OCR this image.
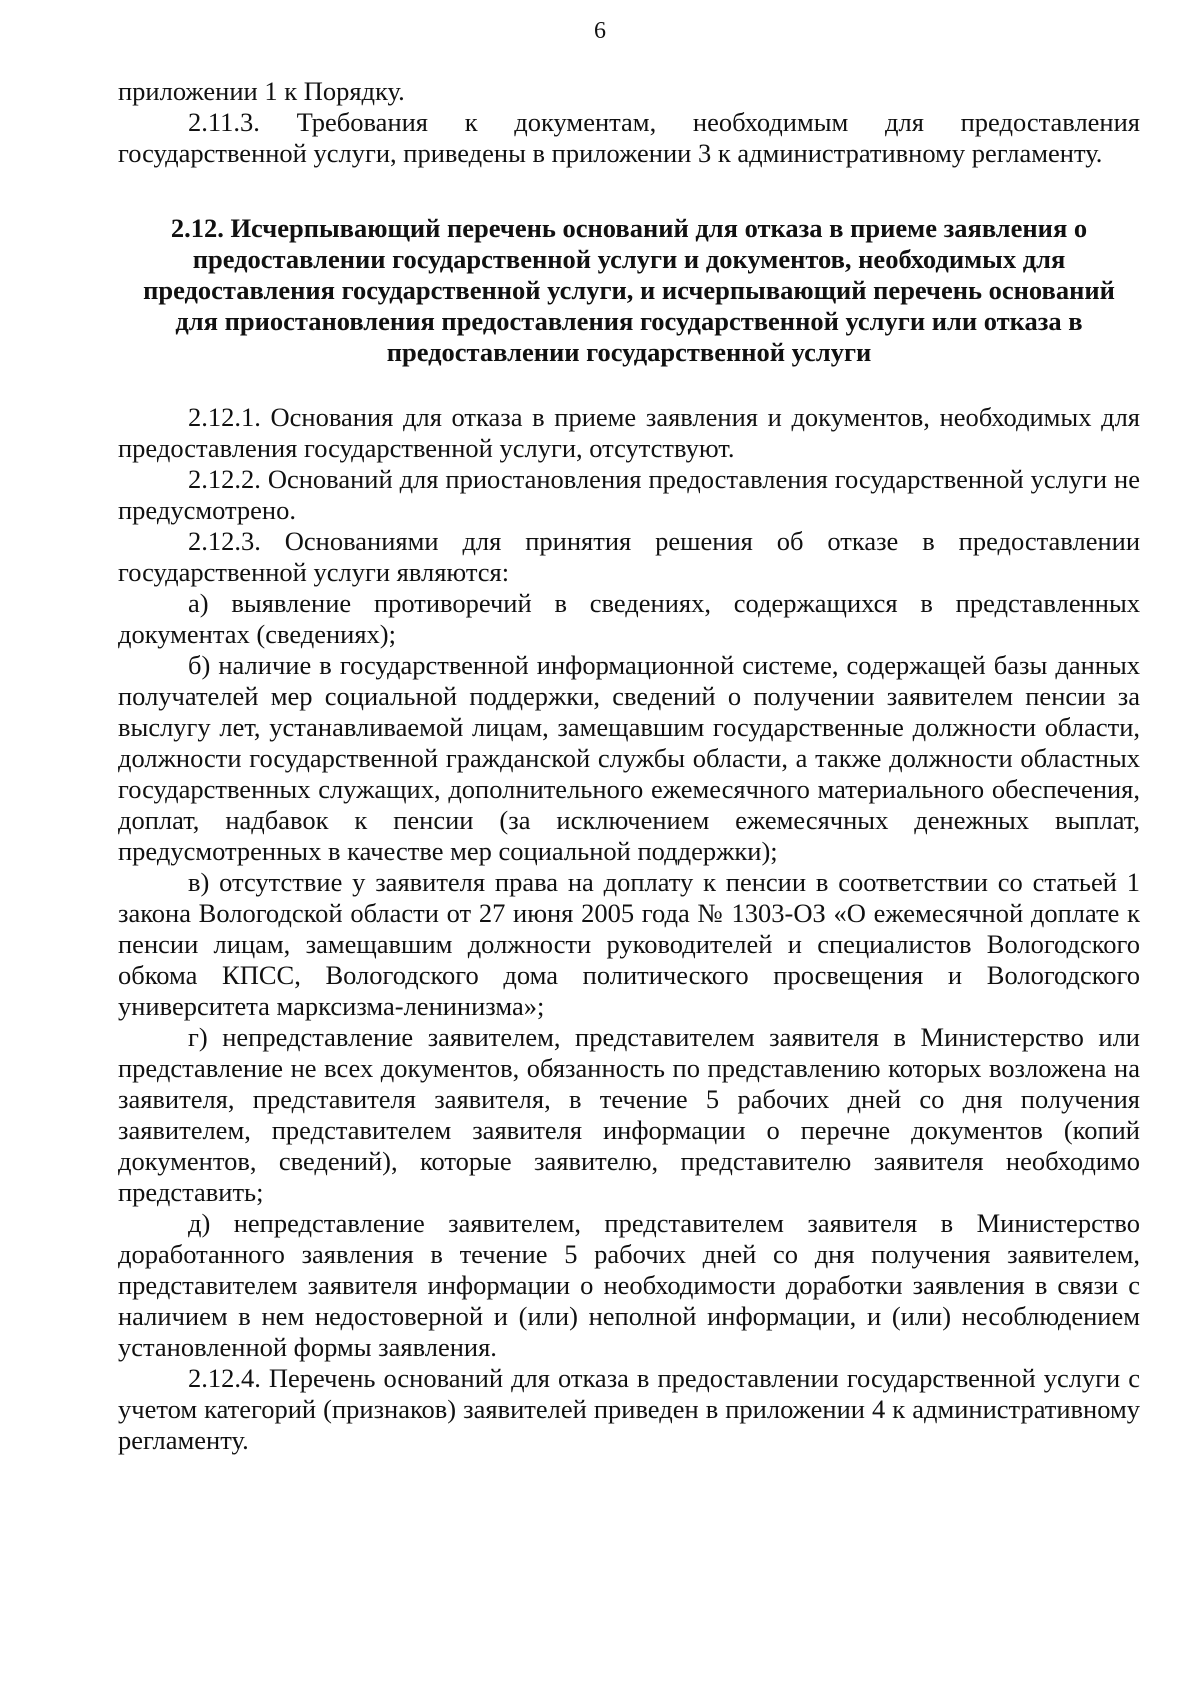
6

приложении 1 к Порядку.

2.11.3. Требования к документам, необходимым для предоставления государственной услуги, приведены в приложении 3 к административному регламенту.

2.12. Исчерпывающий перечень оснований для отказа в приеме заявления о предоставлении государственной услуги и документов, необходимых для предоставления государственной услуги, и исчерпывающий перечень оснований для приостановления предоставления государственной услуги или отказа в предоставлении государственной услуги

2.12.1. Основания для отказа в приеме заявления и документов, необходимых для предоставления государственной услуги, отсутствуют.

2.12.2. Оснований для приостановления предоставления государственной услуги не предусмотрено.

2.12.3. Основаниями для принятия решения об отказе в предоставлении государственной услуги являются:

а) выявление противоречий в сведениях, содержащихся в представленных документах (сведениях);

б) наличие в государственной информационной системе, содержащей базы данных получателей мер социальной поддержки, сведений о получении заявителем пенсии за выслугу лет, устанавливаемой лицам, замещавшим государственные должности области, должности государственной гражданской службы области, а также должности областных государственных служащих, дополнительного ежемесячного материального обеспечения, доплат, надбавок к пенсии (за исключением ежемесячных денежных выплат, предусмотренных в качестве мер социальной поддержки);

в) отсутствие у заявителя права на доплату к пенсии в соответствии со статьей 1 закона Вологодской области от 27 июня 2005 года № 1303-ОЗ «О ежемесячной доплате к пенсии лицам, замещавшим должности руководителей и специалистов Вологодского обкома КПСС, Вологодского дома политического просвещения и Вологодского университета марксизма-ленинизма»;

г) непредставление заявителем, представителем заявителя в Министерство или представление не всех документов, обязанность по представлению которых возложена на заявителя, представителя заявителя, в течение 5 рабочих дней со дня получения заявителем, представителем заявителя информации о перечне документов (копий документов, сведений), которые заявителю, представителю заявителя необходимо представить;

д) непредставление заявителем, представителем заявителя в Министерство доработанного заявления в течение 5 рабочих дней со дня получения заявителем, представителем заявителя информации о необходимости доработки заявления в связи с наличием в нем недостоверной и (или) неполной информации, и (или) несоблюдением установленной формы заявления.

2.12.4. Перечень оснований для отказа в предоставлении государственной услуги с учетом категорий (признаков) заявителей приведен в приложении 4 к административному регламенту.
